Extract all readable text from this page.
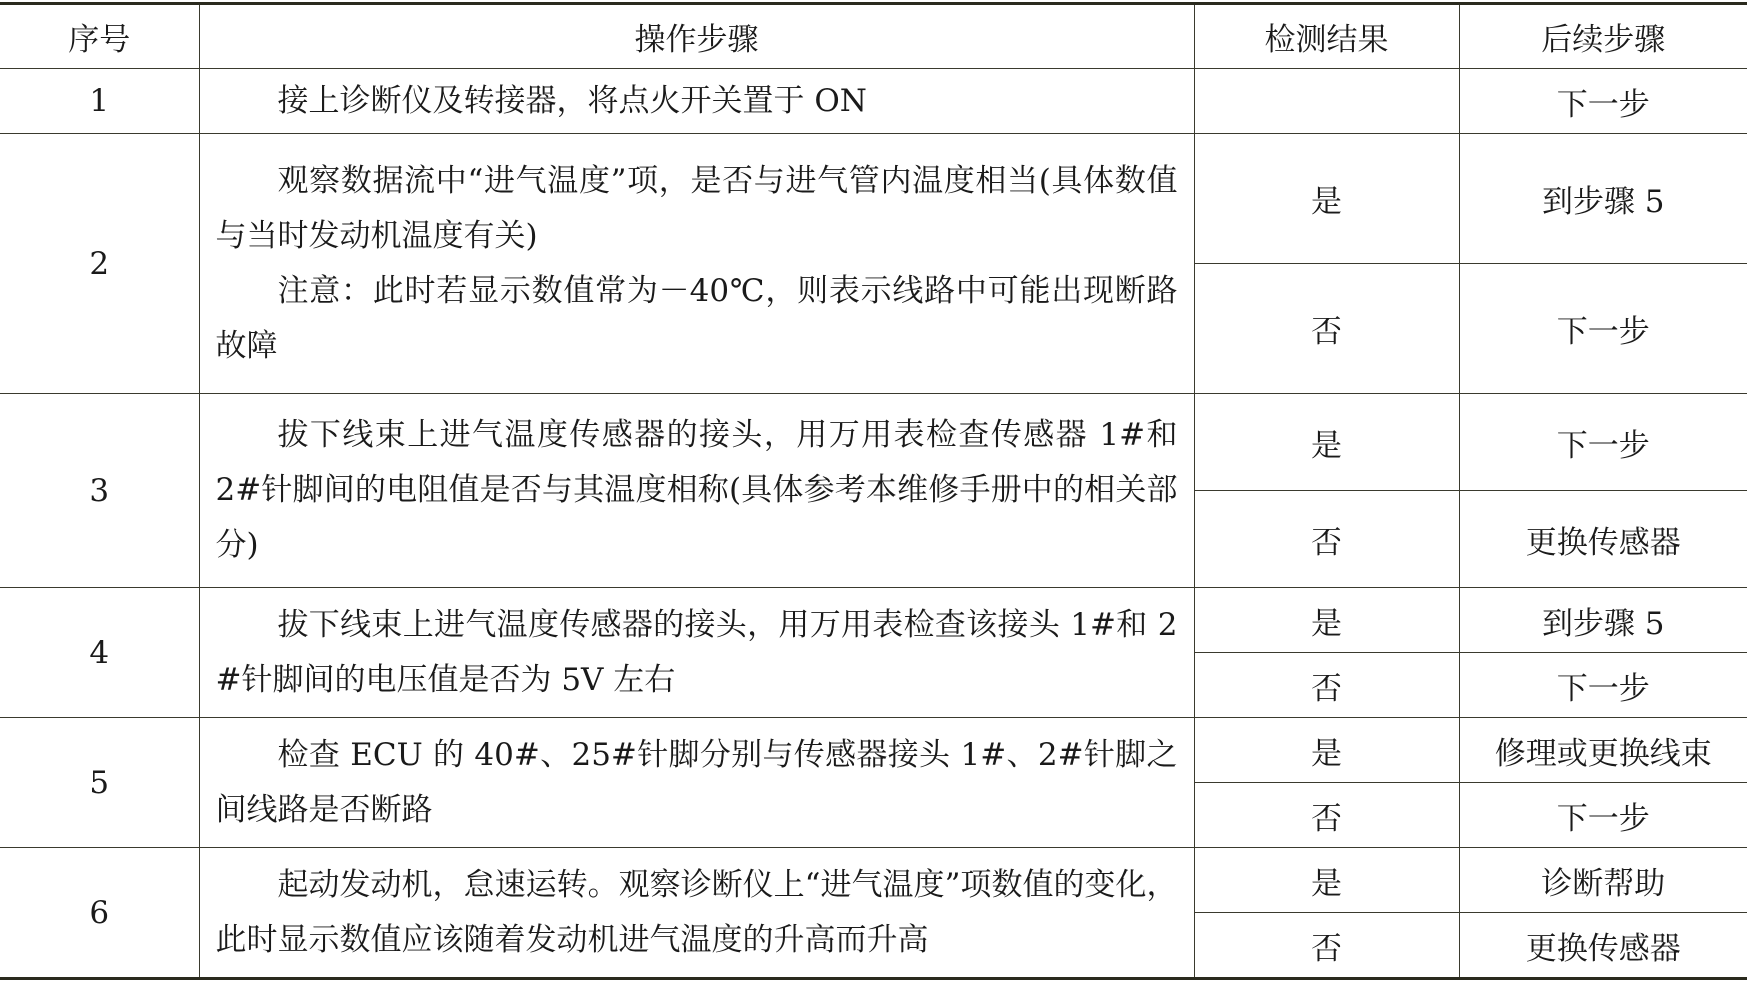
序号	操作步骤	检测结果	后续步骤
1	接上诊断仪及转接器，将点火开关置于 ON		下一步
2	观察数据流中“进气温度”项，是否与进气管内温度相当(具体数值与当时发动机温度有关)

注意：此时若显示数值常为－40℃，则表示线路中可能出现断路故障	是	到步骤 5
		否	下一步
3	拔下线束上进气温度传感器的接头，用万用表检查传感器 1#和 2#针脚间的电阻值是否与其温度相称(具体参考本维修手册中的相关部分)	是	下一步
		否	更换传感器
4	拔下线束上进气温度传感器的接头，用万用表检查该接头 1#和 2 #针脚间的电压值是否为 5V 左右	是	到步骤 5
		否	下一步
5	检查 ECU 的 40#、25#针脚分别与传感器接头 1#、2#针脚之间线路是否断路	是	修理或更换线束
		否	下一步
6	起动发动机，怠速运转。观察诊断仪上“进气温度”项数值的变化，此时显示数值应该随着发动机进气温度的升高而升高	是	诊断帮助
		否	更换传感器
